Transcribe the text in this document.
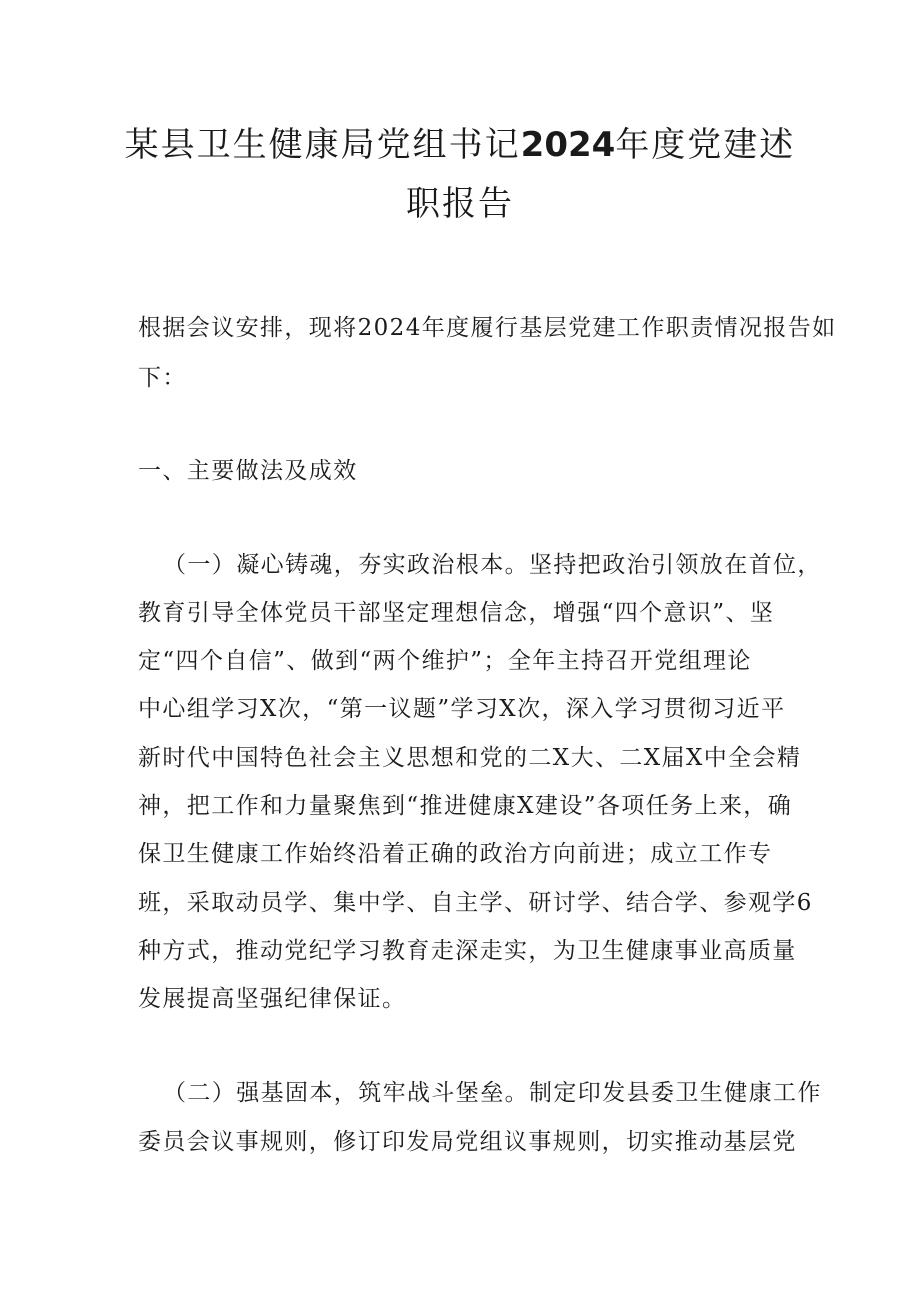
某县卫生健康局党组书记2024年度党建述
职报告

根据会议安排，现将2024年度履行基层党建工作职责情况报告如

下：

一、主要做法及成效

（一）凝心铸魂，夯实政治根本。坚持把政治引领放在首位，

教育引导全体党员干部坚定理想信念，增强“四个意识”、坚

定“四个自信”、做到“两个维护”；全年主持召开党组理论

中心组学习X次，“第一议题”学习X次，深入学习贯彻习近平

新时代中国特色社会主义思想和党的二X大、二X届X中全会精

神，把工作和力量聚焦到“推进健康X建设”各项任务上来，确

保卫生健康工作始终沿着正确的政治方向前进；成立工作专

班，采取动员学、集中学、自主学、研讨学、结合学、参观学6

种方式，推动党纪学习教育走深走实，为卫生健康事业高质量

发展提高坚强纪律保证。

（二）强基固本，筑牢战斗堡垒。制定印发县委卫生健康工作

委员会议事规则，修订印发局党组议事规则，切实推动基层党
